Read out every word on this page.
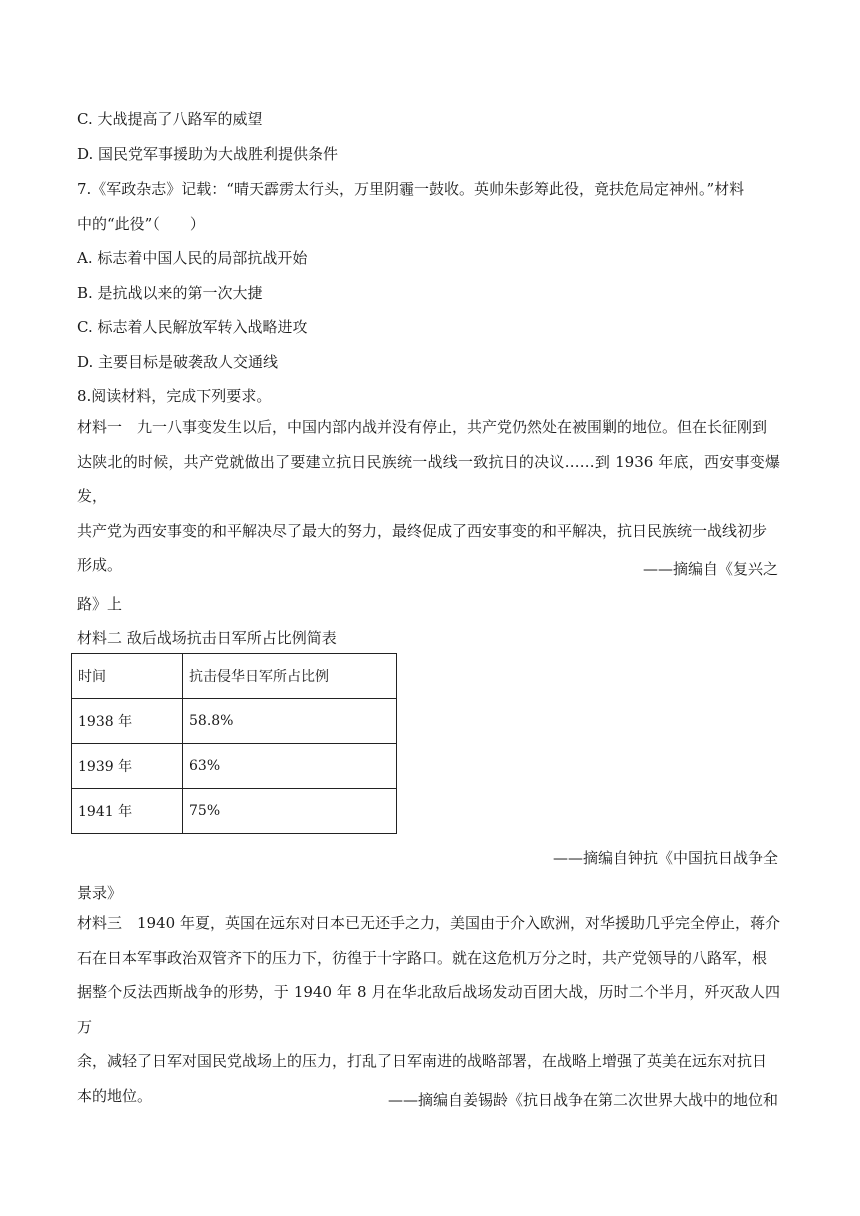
C. 大战提高了八路军的威望
D. 国民党军事援助为大战胜利提供条件
7.《军政杂志》记载：“晴天霹雳太行头，万里阴霾一鼓收。英帅朱彭筹此役，竟扶危局定神州。”材料
中的“此役”（　　）
A. 标志着中国人民的局部抗战开始
B. 是抗战以来的第一次大捷
C. 标志着人民解放军转入战略进攻
D. 主要目标是破袭敌人交通线
8.阅读材料，完成下列要求。
材料一　九一八事变发生以后，中国内部内战并没有停止，共产党仍然处在被围剿的地位。但在长征刚到
达陕北的时候，共产党就做出了要建立抗日民族统一战线一致抗日的决议……到 1936 年底，西安事变爆发，
共产党为西安事变的和平解决尽了最大的努力，最终促成了西安事变的和平解决，抗日民族统一战线初步
形成。	——摘编自《复兴之
路》上
材料二 敌后战场抗击日军所占比例简表
时间	抗击侵华日军所占比例
1938 年	58.8%
1939 年	63%
1941 年	75%
——摘编自钟抗《中国抗日战争全
景录》
材料三　1940 年夏，英国在远东对日本已无还手之力，美国由于介入欧洲，对华援助几乎完全停止，蒋介
石在日本军事政治双管齐下的压力下，彷徨于十字路口。就在这危机万分之时，共产党领导的八路军，根
据整个反法西斯战争的形势，于 1940 年 8 月在华北敌后战场发动百团大战，历时二个半月，歼灭敌人四万
余，减轻了日军对国民党战场上的压力，打乱了日军南进的战略部署，在战略上增强了英美在远东对抗日
本的地位。	——摘编自姜锡龄《抗日战争在第二次世界大战中的地位和
